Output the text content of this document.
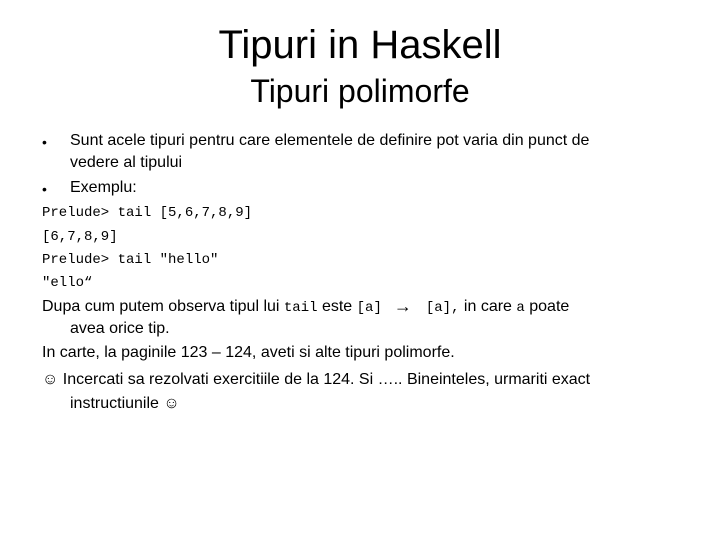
Tipuri in Haskell
Tipuri polimorfe
• Sunt acele tipuri pentru care elementele de definire pot varia din punct de
vedere al tipului
• Exemplu:
Prelude> tail [5,6,7,8,9]
[6,7,8,9]
Prelude> tail "hello"
"ello“
Dupa cum putem observa tipul lui tail este [a] → [a], in care a poate
avea orice tip.
In carte, la paginile 123 – 124, aveti si alte tipuri polimorfe.
☺ Incercati sa rezolvati exercitiile de la 124. Si ….. Bineinteles, urmariti exact
instructiunile ☺
